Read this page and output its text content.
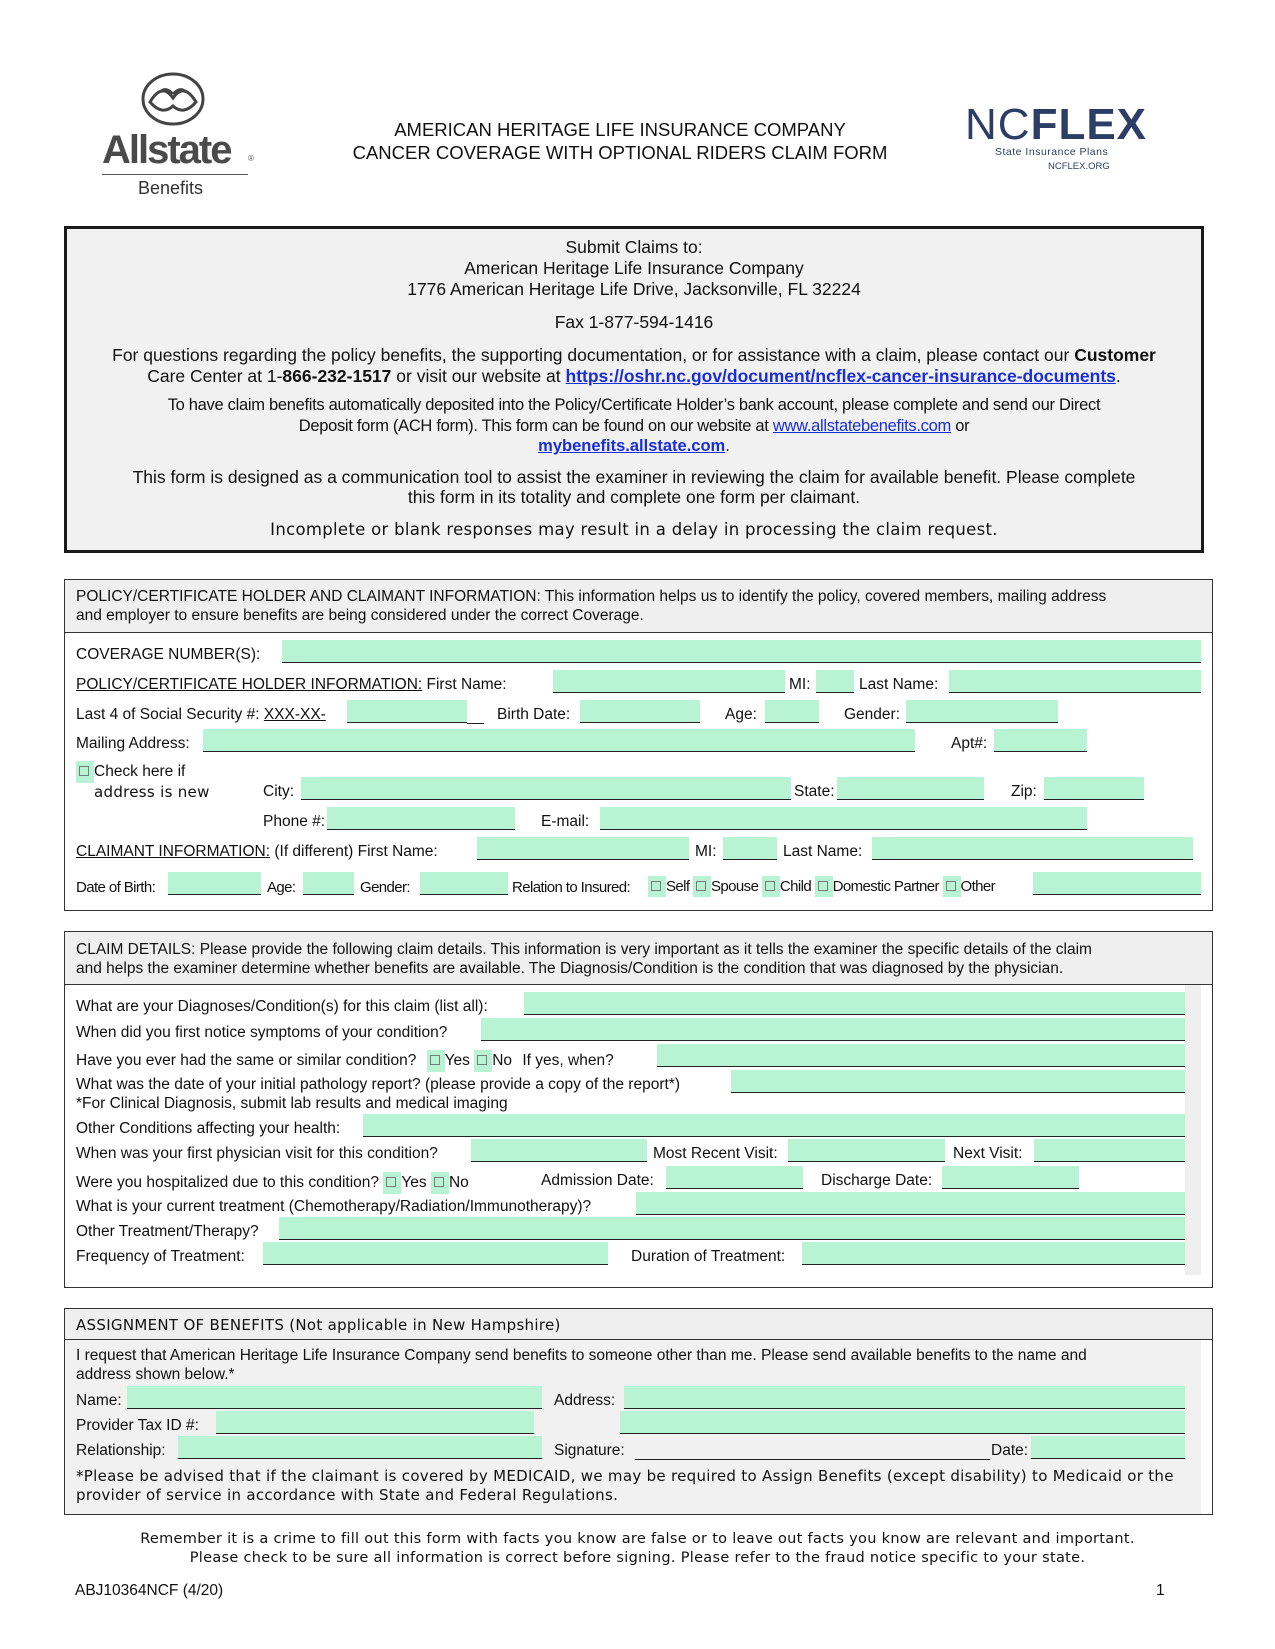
Allstate ®
Benefits
AMERICAN HERITAGE LIFE INSURANCE COMPANY
CANCER COVERAGE WITH OPTIONAL RIDERS CLAIM FORM
NCFLEX
State Insurance Plans
NCFLEX.ORG
Submit Claims to:
American Heritage Life Insurance Company
1776 American Heritage Life Drive, Jacksonville, FL 32224
Fax 1-877-594-1416
For questions regarding the policy benefits, the supporting documentation, or for assistance with a claim, please contact our Customer
Care Center at 1-866-232-1517 or visit our website at https://oshr.nc.gov/document/ncflex-cancer-insurance-documents.
To have claim benefits automatically deposited into the Policy/Certificate Holder’s bank account, please complete and send our Direct
Deposit form (ACH form). This form can be found on our website at www.allstatebenefits.com or
mybenefits.allstate.com.
This form is designed as a communication tool to assist the examiner in reviewing the claim for available benefit. Please complete
this form in its totality and complete one form per claimant.
Incomplete or blank responses may result in a delay in processing the claim request.
POLICY/CERTIFICATE HOLDER AND CLAIMANT INFORMATION: This information helps us to identify the policy, covered members, mailing address
and employer to ensure benefits are being considered under the correct Coverage.
COVERAGE NUMBER(S):
POLICY/CERTIFICATE HOLDER INFORMATION: First Name:	MI:	Last Name:
Last 4 of Social Security #: XXX-XX-	Birth Date:	Age:	Gender:
Mailing Address:	Apt#:
Check here if
address is new	City:	State:	Zip:
Phone #:	E-mail:
CLAIMANT INFORMATION: (If different) First Name:	MI:	Last Name:
Date of Birth:	Age:	Gender:	Relation to Insured:	Self Spouse Child Domestic Partner Other
CLAIM DETAILS: Please provide the following claim details. This information is very important as it tells the examiner the specific details of the claim
and helps the examiner determine whether benefits are available. The Diagnosis/Condition is the condition that was diagnosed by the physician.
What are your Diagnoses/Condition(s) for this claim (list all):
When did you first notice symptoms of your condition?
Have you ever had the same or similar condition? Yes No If yes, when?
What was the date of your initial pathology report? (please provide a copy of the report*)
*For Clinical Diagnosis, submit lab results and medical imaging
Other Conditions affecting your health:
When was your first physician visit for this condition?	Most Recent Visit:	Next Visit:
Were you hospitalized due to this condition? Yes No	Admission Date:	Discharge Date:
What is your current treatment (Chemotherapy/Radiation/Immunotherapy)?
Other Treatment/Therapy?
Frequency of Treatment:	Duration of Treatment:
ASSIGNMENT OF BENEFITS (Not applicable in New Hampshire)
I request that American Heritage Life Insurance Company send benefits to someone other than me. Please send available benefits to the name and
address shown below.*
Name:	Address:
Provider Tax ID #:
Relationship:	Signature:	Date:
*Please be advised that if the claimant is covered by MEDICAID, we may be required to Assign Benefits (except disability) to Medicaid or the
provider of service in accordance with State and Federal Regulations.
Remember it is a crime to fill out this form with facts you know are false or to leave out facts you know are relevant and important.
Please check to be sure all information is correct before signing. Please refer to the fraud notice specific to your state.
ABJ10364NCF (4/20)	1
